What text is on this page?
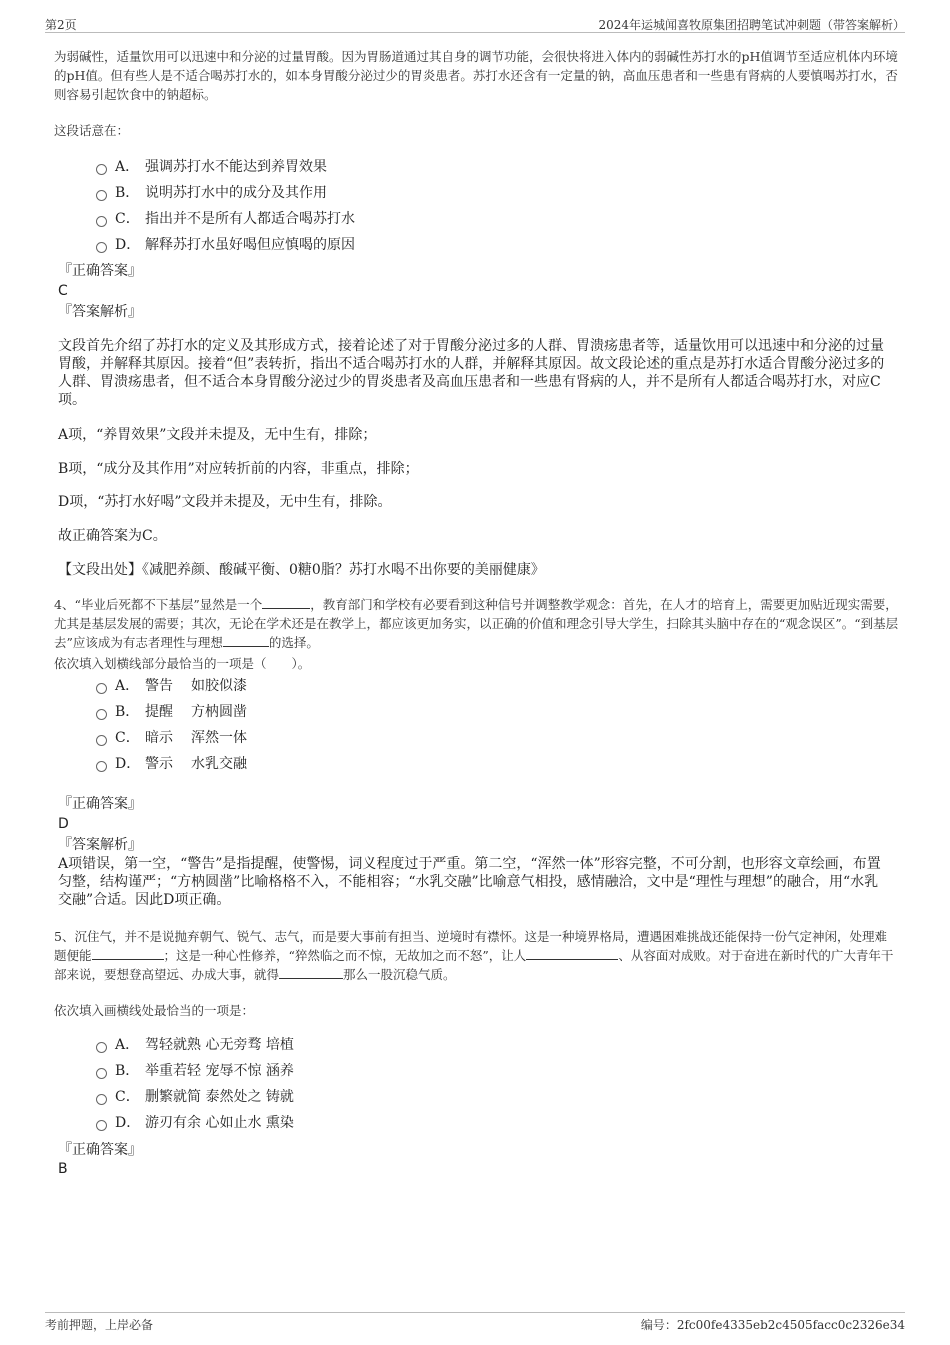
第2页	2024年运城闻喜牧原集团招聘笔试冲刺题（带答案解析）
为弱碱性，适量饮用可以迅速中和分泌的过量胃酸。因为胃肠道通过其自身的调节功能，会很快将进入体内的弱碱性苏打水的pH值调节至适应机体内环境的pH值。但有些人是不适合喝苏打水的，如本身胃酸分泌过少的胃炎患者。苏打水还含有一定量的钠，高血压患者和一些患有肾病的人要慎喝苏打水，否则容易引起饮食中的钠超标。
这段话意在：
A． 强调苏打水不能达到养胃效果
B． 说明苏打水中的成分及其作用
C． 指出并不是所有人都适合喝苏打水
D． 解释苏打水虽好喝但应慎喝的原因
『正确答案』
C
『答案解析』
文段首先介绍了苏打水的定义及其形成方式，接着论述了对于胃酸分泌过多的人群、胃溃疡患者等，适量饮用可以迅速中和分泌的过量胃酸，并解释其原因。接着“但”表转折，指出不适合喝苏打水的人群，并解释其原因。故文段论述的重点是苏打水适合胃酸分泌过多的人群、胃溃疡患者，但不适合本身胃酸分泌过少的胃炎患者及高血压患者和一些患有肾病的人，并不是所有人都适合喝苏打水，对应C项。
A项，“养胃效果”文段并未提及，无中生有，排除；
B项，“成分及其作用”对应转折前的内容，非重点，排除；
D项，“苏打水好喝”文段并未提及，无中生有，排除。
故正确答案为C。
【文段出处】《减肥养颜、酸碱平衡、0糖0脂？苏打水喝不出你要的美丽健康》
4、“毕业后死都不下基层”显然是一个	，教育部门和学校有必要看到这种信号并调整教学观念：首先，在人才的培育上，需要更加贴近现实需要，尤其是基层发展的需要；其次，无论在学术还是在教学上，都应该更加务实，以正确的价值和理念引导大学生，扫除其头脑中存在的“观念误区”。“到基层去”应该成为有志者理性与理想	的选择。
依次填入划横线部分最恰当的一项是（　　）。
A． 警告 如胶似漆
B． 提醒 方枘圆凿
C． 暗示 浑然一体
D． 警示 水乳交融
『正确答案』
D
『答案解析』
A项错误，第一空，“警告”是指提醒，使警惕，词义程度过于严重。第二空，“浑然一体”形容完整，不可分割，也形容文章绘画，布置匀整，结构谨严；“方枘圆凿”比喻格格不入，不能相容；“水乳交融”比喻意气相投，感情融洽，文中是“理性与理想”的融合，用“水乳交融”合适。因此D项正确。
5、沉住气，并不是说抛弃朝气、锐气、志气，而是要大事前有担当、逆境时有襟怀。这是一种境界格局，遭遇困难挑战还能保持一份气定神闲，处理难题便能	；这是一种心性修养，“猝然临之而不惊，无故加之而不怒”，让人	、从容面对成败。对于奋进在新时代的广大青年干部来说，要想登高望远、办成大事，就得	那么一股沉稳气质。
依次填入画横线处最恰当的一项是：
A． 驾轻就熟 心无旁骛 培植
B． 举重若轻 宠辱不惊 涵养
C． 删繁就简 泰然处之 铸就
D． 游刃有余 心如止水 熏染
『正确答案』
B
考前押题，上岸必备	编号：2fc00fe4335eb2c4505facc0c2326e34
